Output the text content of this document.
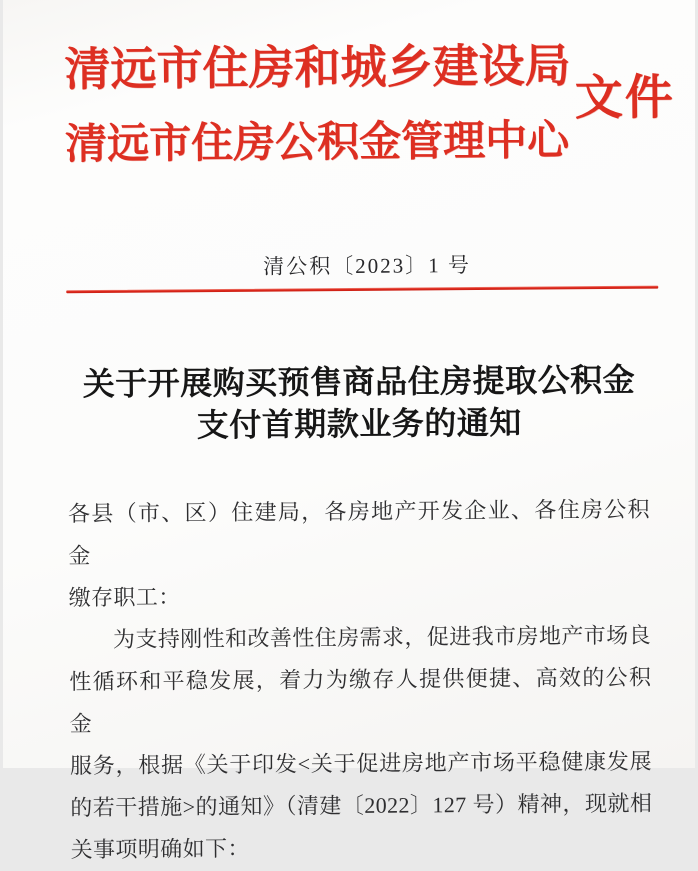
清远市住房和城乡建设局
清远市住房公积金管理中心
文件
清公积〔2023〕1 号
关于开展购买预售商品住房提取公积金
支付首期款业务的通知
各县（市、区）住建局，各房地产开发企业、各住房公积金
缴存职工：
为支持刚性和改善性住房需求，促进我市房地产市场良
性循环和平稳发展，着力为缴存人提供便捷、高效的公积金
服务，根据《关于印发<关于促进房地产市场平稳健康发展
的若干措施>的通知》（清建〔2022〕127 号）精神，现就相
关事项明确如下：
